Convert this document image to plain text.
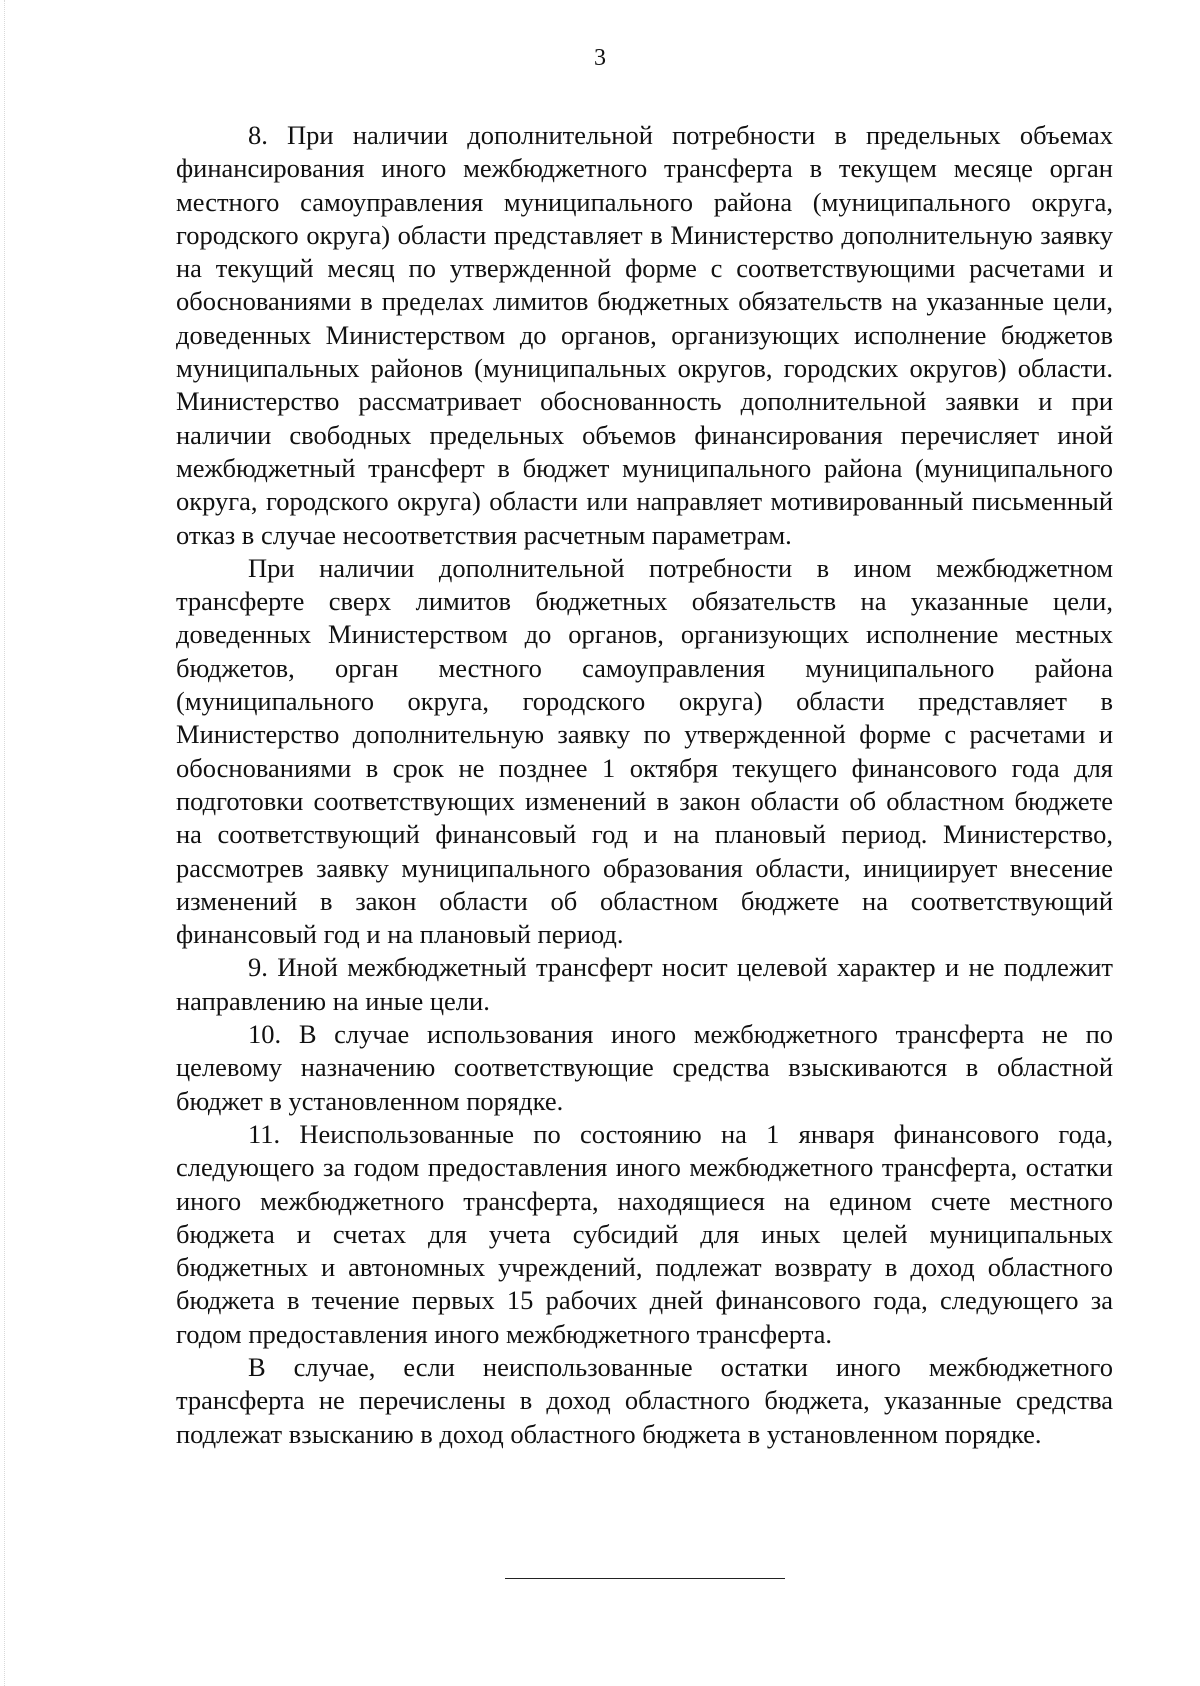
3

8. При наличии дополнительной потребности в предельных объемах финансирования иного межбюджетного трансферта в текущем месяце орган местного самоуправления муниципального района (муниципального округа, городского округа) области представляет в Министерство дополнительную заявку на текущий месяц по утвержденной форме с соответствующими расчетами и обоснованиями в пределах лимитов бюджетных обязательств на указанные цели, доведенных Министерством до органов, организующих исполнение бюджетов муниципальных районов (муниципальных округов, городских округов) области. Министерство рассматривает обоснованность дополнительной заявки и при наличии свободных предельных объемов финансирования перечисляет иной межбюджетный трансферт в бюджет муниципального района (муниципального округа, городского округа) области или направляет мотивированный письменный отказ в случае несоответствия расчетным параметрам.

При наличии дополнительной потребности в ином межбюджетном трансферте сверх лимитов бюджетных обязательств на указанные цели, доведенных Министерством до органов, организующих исполнение местных бюджетов, орган местного самоуправления муниципального района (муниципального округа, городского округа) области представляет в Министерство дополнительную заявку по утвержденной форме с расчетами и обоснованиями в срок не позднее 1 октября текущего финансового года для подготовки соответствующих изменений в закон области об областном бюджете на соответствующий финансовый год и на плановый период. Министерство, рассмотрев заявку муниципального образования области, инициирует внесение изменений в закон области об областном бюджете на соответствующий финансовый год и на плановый период.

9. Иной межбюджетный трансферт носит целевой характер и не подлежит направлению на иные цели.

10. В случае использования иного межбюджетного трансферта не по целевому назначению соответствующие средства взыскиваются в областной бюджет в установленном порядке.

11. Неиспользованные по состоянию на 1 января финансового года, следующего за годом предоставления иного межбюджетного трансферта, остатки иного межбюджетного трансферта, находящиеся на едином счете местного бюджета и счетах для учета субсидий для иных целей муниципальных бюджетных и автономных учреждений, подлежат возврату в доход областного бюджета в течение первых 15 рабочих дней финансового года, следующего за годом предоставления иного межбюджетного трансферта.

В случае, если неиспользованные остатки иного межбюджетного трансферта не перечислены в доход областного бюджета, указанные средства подлежат взысканию в доход областного бюджета в установленном порядке.
